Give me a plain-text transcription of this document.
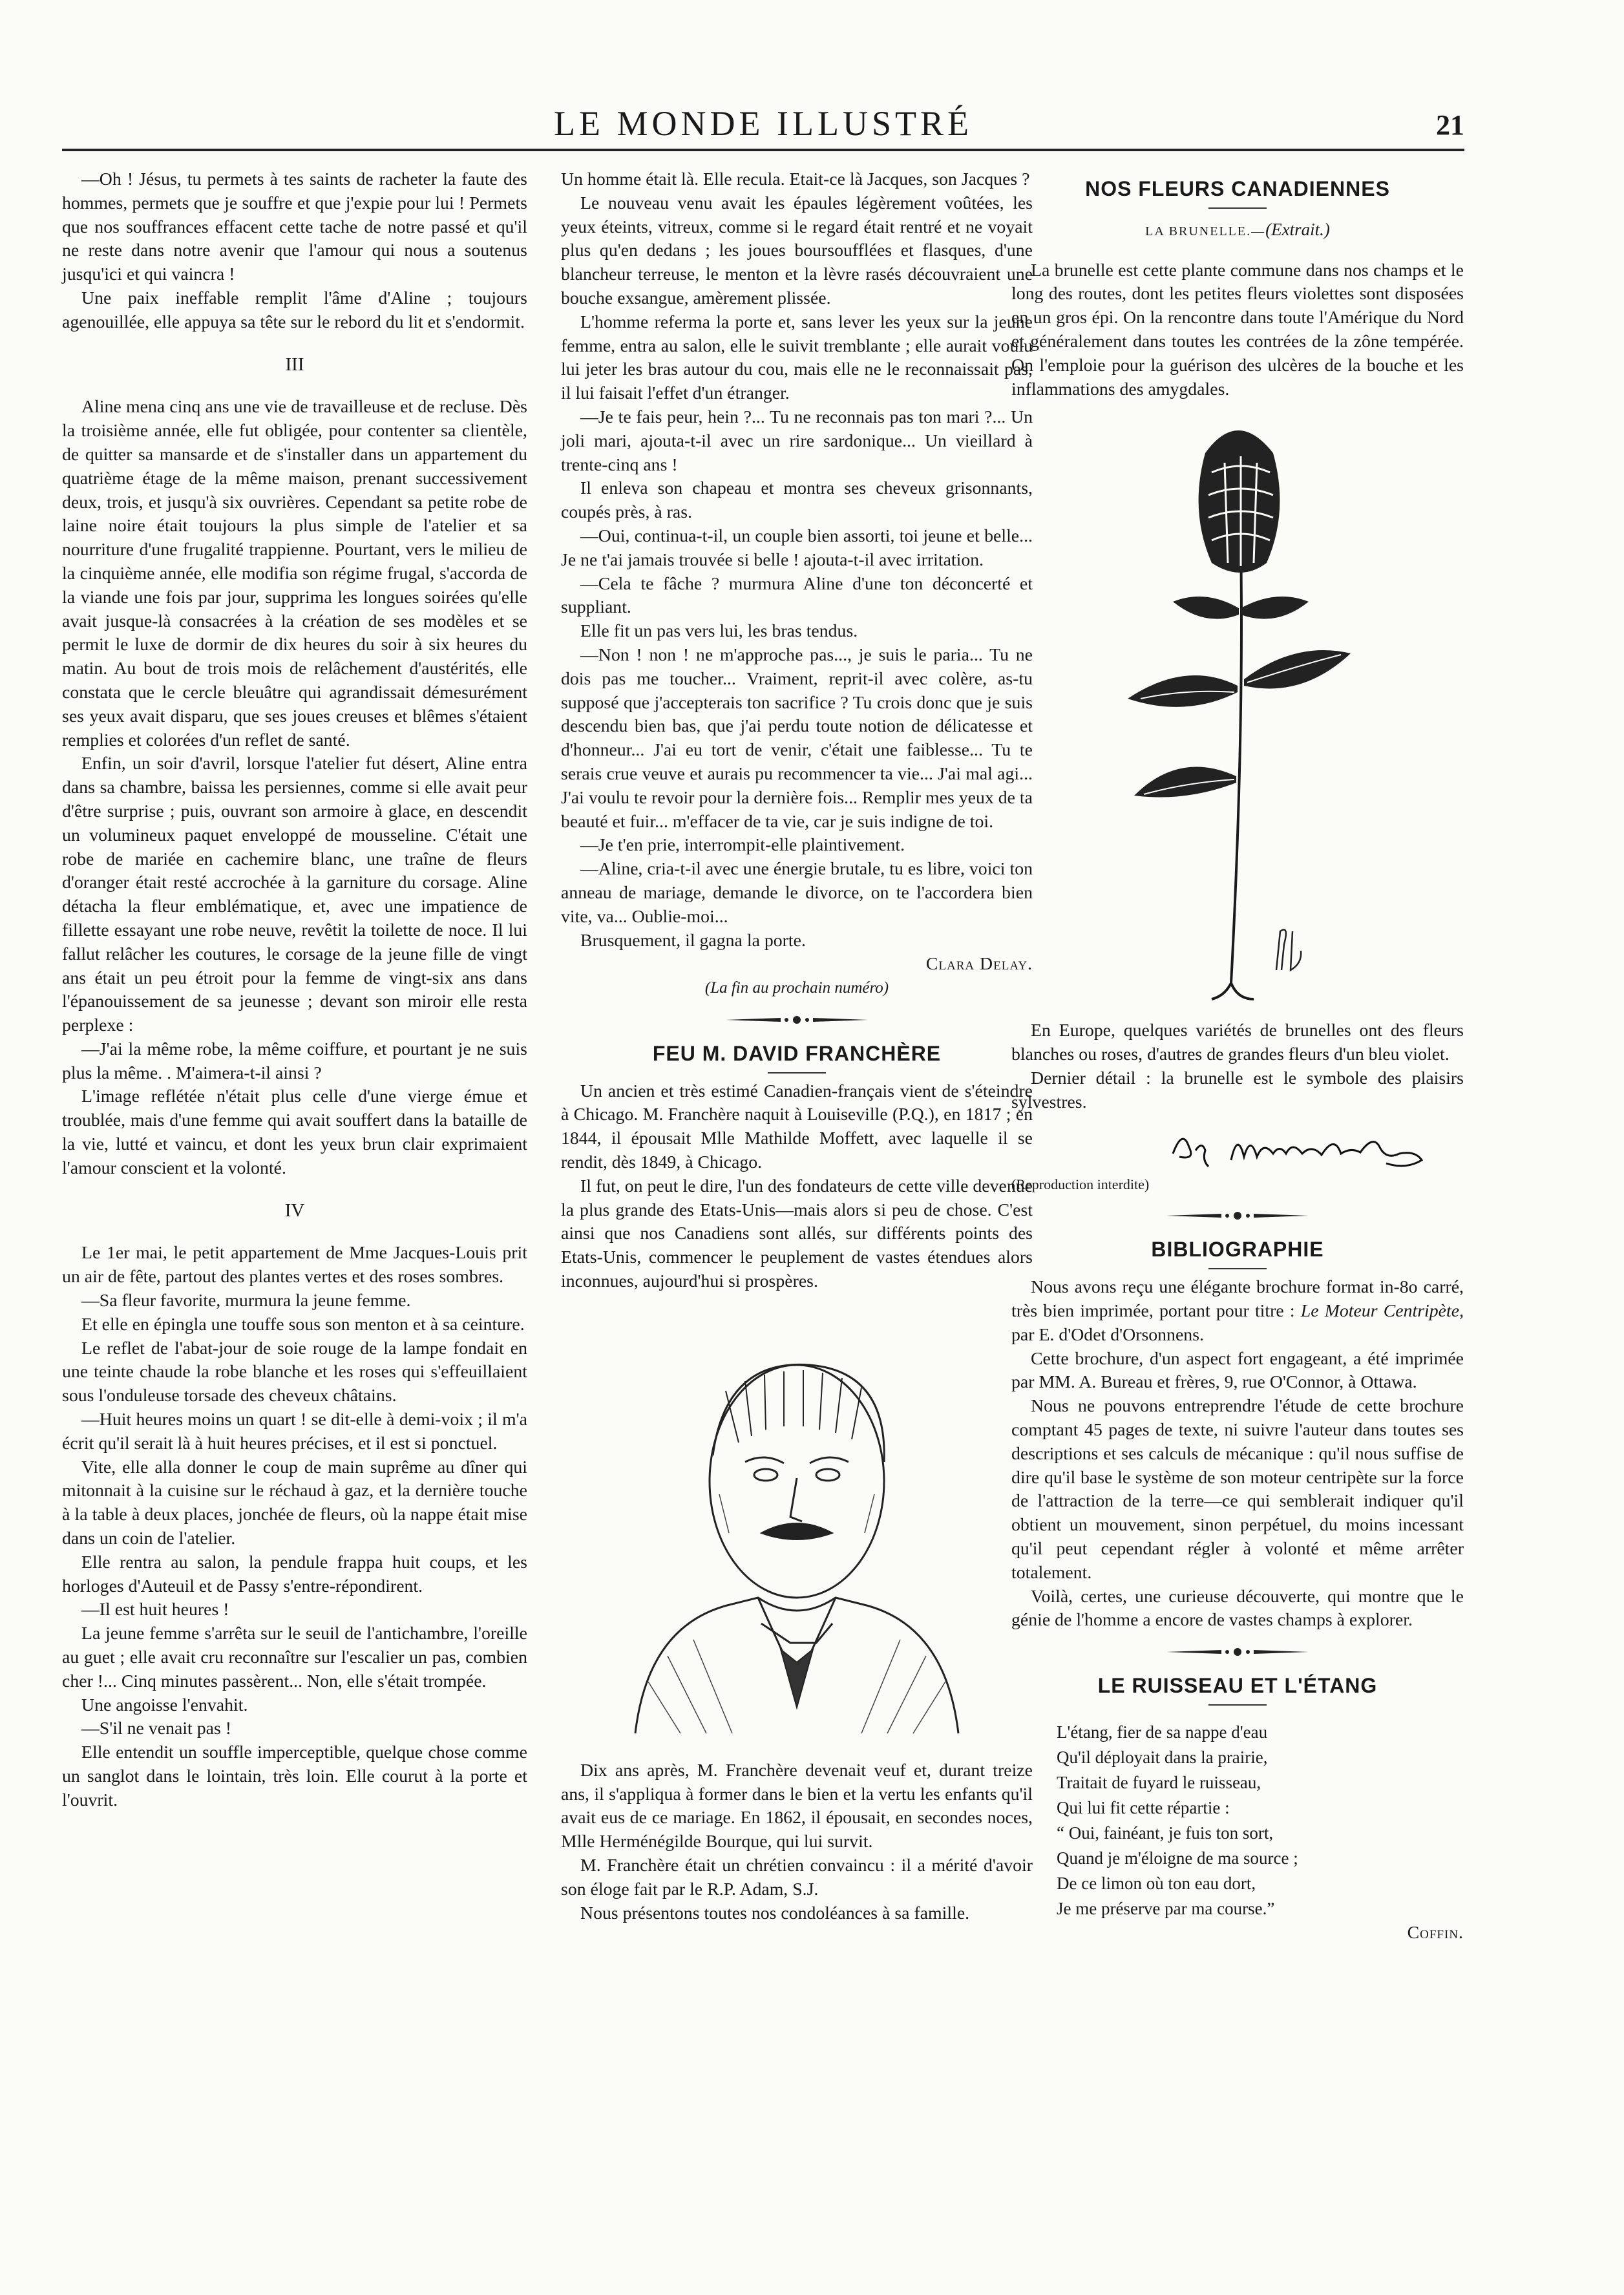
LE MONDE ILLUSTRÉ	21

—Oh ! Jésus, tu permets à tes saints de racheter la faute des hommes, permets que je souffre et que j'expie pour lui ! Permets que nos souffrances effacent cette tache de notre passé et qu'il ne reste dans notre avenir que l'amour qui nous a soutenus jusqu'ici et qui vaincra !

Une paix ineffable remplit l'âme d'Aline ; toujours agenouillée, elle appuya sa tête sur le rebord du lit et s'endormit.

III

Aline mena cinq ans une vie de travailleuse et de recluse. Dès la troisième année, elle fut obligée, pour contenter sa clientèle, de quitter sa mansarde et de s'installer dans un appartement du quatrième étage de la même maison, prenant successivement deux, trois, et jusqu'à six ouvrières. Cependant sa petite robe de laine noire était toujours la plus simple de l'atelier et sa nourriture d'une frugalité trappienne. Pourtant, vers le milieu de la cinquième année, elle modifia son régime frugal, s'accorda de la viande une fois par jour, supprima les longues soirées qu'elle avait jusque-là consacrées à la création de ses modèles et se permit le luxe de dormir de dix heures du soir à six heures du matin. Au bout de trois mois de relâchement d'austérités, elle constata que le cercle bleuâtre qui agrandissait démesurément ses yeux avait disparu, que ses joues creuses et blêmes s'étaient remplies et colorées d'un reflet de santé.

Enfin, un soir d'avril, lorsque l'atelier fut désert, Aline entra dans sa chambre, baissa les persiennes, comme si elle avait peur d'être surprise ; puis, ouvrant son armoire à glace, en descendit un volumineux paquet enveloppé de mousseline. C'était une robe de mariée en cachemire blanc, une traîne de fleurs d'oranger était resté accrochée à la garniture du corsage. Aline détacha la fleur emblématique, et, avec une impatience de fillette essayant une robe neuve, revêtit la toilette de noce. Il lui fallut relâcher les coutures, le corsage de la jeune fille de vingt ans était un peu étroit pour la femme de vingt-six ans dans l'épanouissement de sa jeunesse ; devant son miroir elle resta perplexe :

—J'ai la même robe, la même coiffure, et pourtant je ne suis plus la même. . M'aimera-t-il ainsi ?

L'image reflétée n'était plus celle d'une vierge émue et troublée, mais d'une femme qui avait souffert dans la bataille de la vie, lutté et vaincu, et dont les yeux brun clair exprimaient l'amour conscient et la volonté.

IV

Le 1er mai, le petit appartement de Mme Jacques-Louis prit un air de fête, partout des plantes vertes et des roses sombres.

—Sa fleur favorite, murmura la jeune femme.

Et elle en épingla une touffe sous son menton et à sa ceinture.

Le reflet de l'abat-jour de soie rouge de la lampe fondait en une teinte chaude la robe blanche et les roses qui s'effeuillaient sous l'onduleuse torsade des cheveux châtains.

—Huit heures moins un quart ! se dit-elle à demi-voix ; il m'a écrit qu'il serait là à huit heures précises, et il est si ponctuel.

Vite, elle alla donner le coup de main suprême au dîner qui mitonnait à la cuisine sur le réchaud à gaz, et la dernière touche à la table à deux places, jonchée de fleurs, où la nappe était mise dans un coin de l'atelier.

Elle rentra au salon, la pendule frappa huit coups, et les horloges d'Auteuil et de Passy s'entre-répondirent.

—Il est huit heures !

La jeune femme s'arrêta sur le seuil de l'antichambre, l'oreille au guet ; elle avait cru reconnaître sur l'escalier un pas, combien cher !... Cinq minutes passèrent... Non, elle s'était trompée.

Une angoisse l'envahit.

—S'il ne venait pas !

Elle entendit un souffle imperceptible, quelque chose comme un sanglot dans le lointain, très loin. Elle courut à la porte et l'ouvrit.

Un homme était là. Elle recula. Etait-ce là Jacques, son Jacques ?

Le nouveau venu avait les épaules légèrement voûtées, les yeux éteints, vitreux, comme si le regard était rentré et ne voyait plus qu'en dedans ; les joues boursoufflées et flasques, d'une blancheur terreuse, le menton et la lèvre rasés découvraient une bouche exsangue, amèrement plissée.

L'homme referma la porte et, sans lever les yeux sur la jeune femme, entra au salon, elle le suivit tremblante ; elle aurait voulu lui jeter les bras autour du cou, mais elle ne le reconnaissait pas, il lui faisait l'effet d'un étranger.

—Je te fais peur, hein ?... Tu ne reconnais pas ton mari ?... Un joli mari, ajouta-t-il avec un rire sardonique... Un vieillard à trente-cinq ans !

Il enleva son chapeau et montra ses cheveux grisonnants, coupés près, à ras.

—Oui, continua-t-il, un couple bien assorti, toi jeune et belle... Je ne t'ai jamais trouvée si belle ! ajouta-t-il avec irritation.

—Cela te fâche ? murmura Aline d'une ton déconcerté et suppliant.

Elle fit un pas vers lui, les bras tendus.

—Non ! non ! ne m'approche pas..., je suis le paria... Tu ne dois pas me toucher... Vraiment, reprit-il avec colère, as-tu supposé que j'accepterais ton sacrifice ? Tu crois donc que je suis descendu bien bas, que j'ai perdu toute notion de délicatesse et d'honneur... J'ai eu tort de venir, c'était une faiblesse... Tu te serais crue veuve et aurais pu recommencer ta vie... J'ai mal agi... J'ai voulu te revoir pour la dernière fois... Remplir mes yeux de ta beauté et fuir... m'effacer de ta vie, car je suis indigne de toi.

—Je t'en prie, interrompit-elle plaintivement.

—Aline, cria-t-il avec une énergie brutale, tu es libre, voici ton anneau de mariage, demande le divorce, on te l'accordera bien vite, va... Oublie-moi...

Brusquement, il gagna la porte.

Clara Delay.
(La fin au prochain numéro)
FEU M. DAVID FRANCHÈRE

Un ancien et très estimé Canadien-français vient de s'éteindre à Chicago. M. Franchère naquit à Louiseville (P.Q.), en 1817 ; en 1844, il épousait Mlle Mathilde Moffett, avec laquelle il se rendit, dès 1849, à Chicago.

Il fut, on peut le dire, l'un des fondateurs de cette ville devenue la plus grande des Etats-Unis—mais alors si peu de chose. C'est ainsi que nos Canadiens sont allés, sur différents points des Etats-Unis, commencer le peuplement de vastes étendues alors inconnues, aujourd'hui si prospères.

Dix ans après, M. Franchère devenait veuf et, durant treize ans, il s'appliqua à former dans le bien et la vertu les enfants qu'il avait eus de ce mariage. En 1862, il épousait, en secondes noces, Mlle Herménégilde Bourque, qui lui survit.

M. Franchère était un chrétien convaincu : il a mérité d'avoir son éloge fait par le R.P. Adam, S.J.

Nous présentons toutes nos condoléances à sa famille.

NOS FLEURS CANADIENNES
LA BRUNELLE.—(Extrait.)

La brunelle est cette plante commune dans nos champs et le long des routes, dont les petites fleurs violettes sont disposées en un gros épi. On la rencontre dans toute l'Amérique du Nord et généralement dans toutes les contrées de la zône tempérée. On l'emploie pour la guérison des ulcères de la bouche et les inflammations des amygdales.

En Europe, quelques variétés de brunelles ont des fleurs blanches ou roses, d'autres de grandes fleurs d'un bleu violet.

Dernier détail : la brunelle est le symbole des plaisirs sylvestres.

(Reproduction interdite)
BIBLIOGRAPHIE

Nous avons reçu une élégante brochure format in-8o carré, très bien imprimée, portant pour titre : Le Moteur Centripète, par E. d'Odet d'Orsonnens.

Cette brochure, d'un aspect fort engageant, a été imprimée par MM. A. Bureau et frères, 9, rue O'Connor, à Ottawa.

Nous ne pouvons entreprendre l'étude de cette brochure comptant 45 pages de texte, ni suivre l'auteur dans toutes ses descriptions et ses calculs de mécanique : qu'il nous suffise de dire qu'il base le système de son moteur centripète sur la force de l'attraction de la terre—ce qui semblerait indiquer qu'il obtient un mouvement, sinon perpétuel, du moins incessant qu'il peut cependant régler à volonté et même arrêter totalement.

Voilà, certes, une curieuse découverte, qui montre que le génie de l'homme a encore de vastes champs à explorer.

LE RUISSEAU ET L'ÉTANG
L'étang, fier de sa nappe d'eau
Qu'il déployait dans la prairie,
Traitait de fuyard le ruisseau,
Qui lui fit cette répartie :
“ Oui, fainéant, je fuis ton sort,
Quand je m'éloigne de ma source ;
De ce limon où ton eau dort,
Je me préserve par ma course.”
Coffin.
